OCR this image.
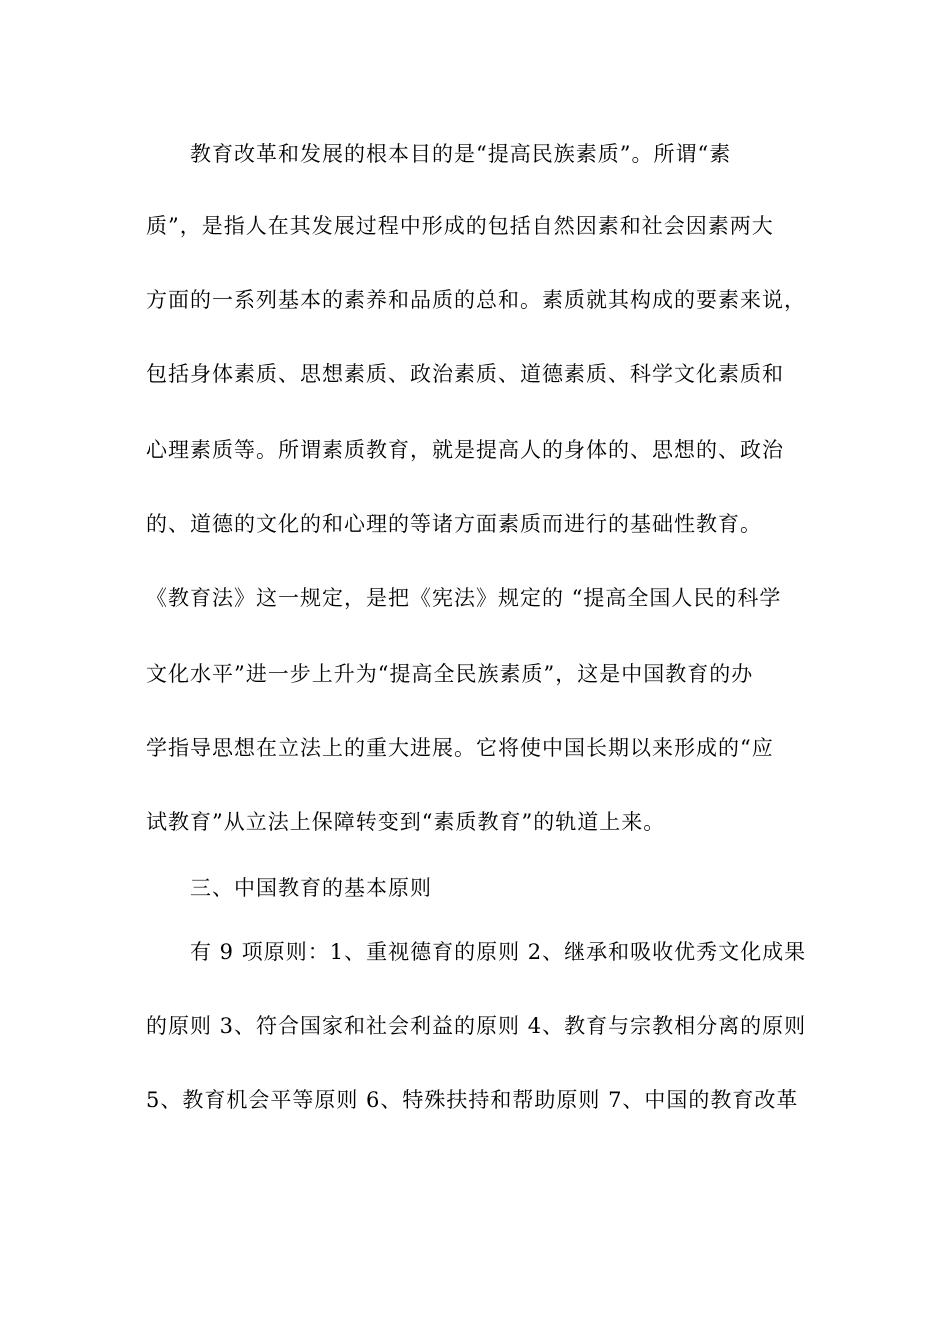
教育改革和发展的根本目的是“提高民族素质”。所谓“素
质”，是指人在其发展过程中形成的包括自然因素和社会因素两大
方面的一系列基本的素养和品质的总和。素质就其构成的要素来说，
包括身体素质、思想素质、政治素质、道德素质、科学文化素质和
心理素质等。所谓素质教育，就是提高人的身体的、思想的、政治
的、道德的文化的和心理的等诸方面素质而进行的基础性教育。
《教育法》这一规定，是把《宪法》规定的 “提高全国人民的科学
文化水平”进一步上升为“提高全民族素质”，这是中国教育的办
学指导思想在立法上的重大进展。它将使中国长期以来形成的“应
试教育”从立法上保障转变到“素质教育”的轨道上来。
三、中国教育的基本原则
有 9 项原则：1、重视德育的原则 2、继承和吸收优秀文化成果
的原则 3、符合国家和社会利益的原则 4、教育与宗教相分离的原则
5、教育机会平等原则 6、特殊扶持和帮助原则 7、中国的教育改革
